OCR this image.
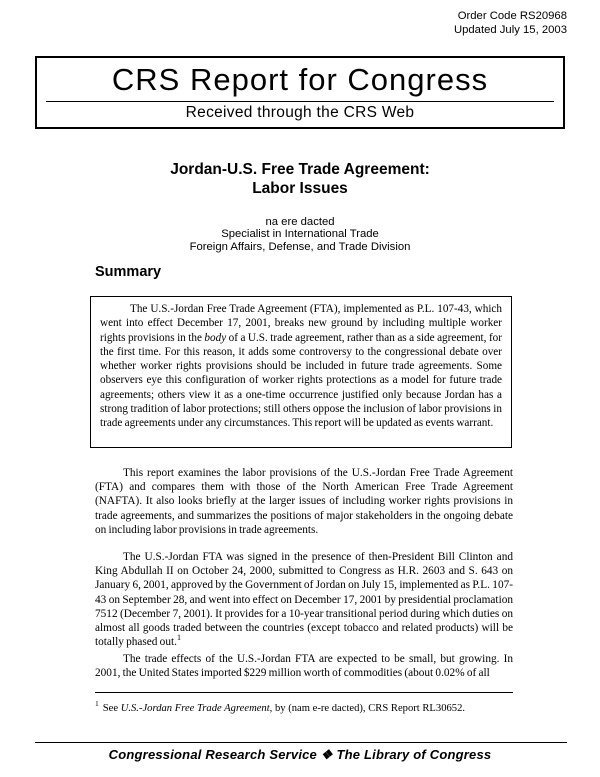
Order Code RS20968
Updated July 15, 2003
CRS Report for Congress
Received through the CRS Web
Jordan-U.S. Free Trade Agreement:
Labor Issues
na ere dacted
Specialist in International Trade
Foreign Affairs, Defense, and Trade Division
Summary

The U.S.-Jordan Free Trade Agreement (FTA), implemented as P.L. 107-43, which went into effect December 17, 2001, breaks new ground by including multiple worker rights provisions in the body of a U.S. trade agreement, rather than as a side agreement, for the first time. For this reason, it adds some controversy to the congressional debate over whether worker rights provisions should be included in future trade agreements. Some observers eye this configuration of worker rights protections as a model for future trade agreements; others view it as a one-time occurrence justified only because Jordan has a strong tradition of labor protections; still others oppose the inclusion of labor provisions in trade agreements under any circumstances. This report will be updated as events warrant.

This report examines the labor provisions of the U.S.-Jordan Free Trade Agreement (FTA) and compares them with those of the North American Free Trade Agreement (NAFTA). It also looks briefly at the larger issues of including worker rights provisions in trade agreements, and summarizes the positions of major stakeholders in the ongoing debate on including labor provisions in trade agreements.

The U.S.-Jordan FTA was signed in the presence of then-President Bill Clinton and King Abdullah II on October 24, 2000, submitted to Congress as H.R. 2603 and S. 643 on January 6, 2001, approved by the Government of Jordan on July 15, implemented as P.L. 107-43 on September 28, and went into effect on December 17, 2001 by presidential proclamation 7512 (December 7, 2001). It provides for a 10-year transitional period during which duties on almost all goods traded between the countries (except tobacco and related products) will be totally phased out.$^1$

The trade effects of the U.S.-Jordan FTA are expected to be small, but growing. In 2001, the United States imported $229 million worth of commodities (about 0.02% of all

$^1$ See U.S.-Jordan Free Trade Agreement, by (nam e-re dacted), CRS Report RL30652.
Congressional Research Service ❖ The Library of Congress
